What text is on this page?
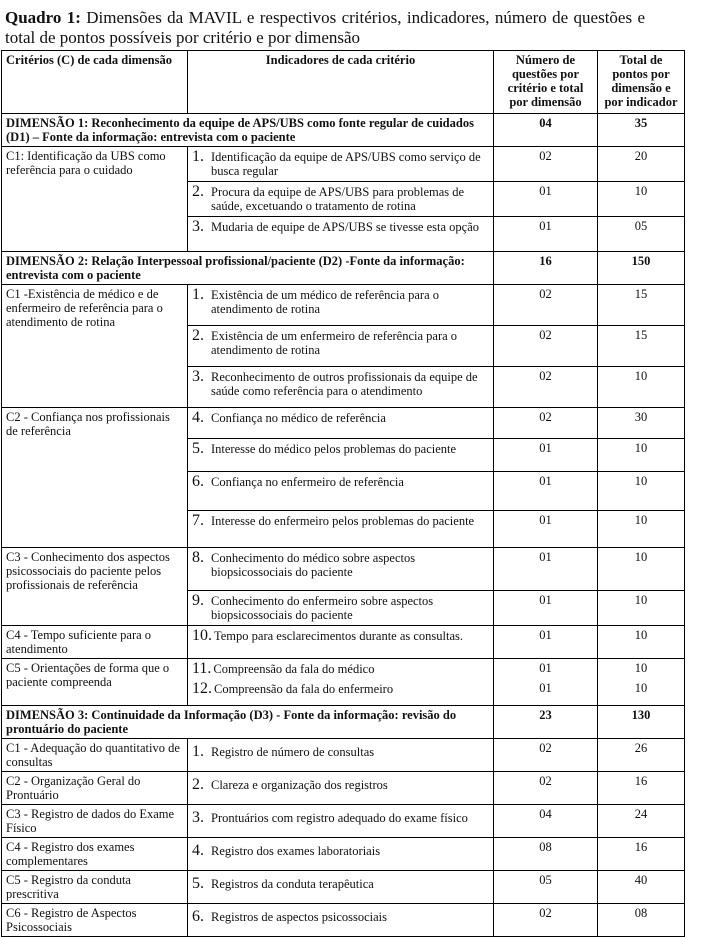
Quadro 1: Dimensões da MAVIL e respectivos critérios, indicadores, número de questões e total de pontos possíveis por critério e por dimensão
Critérios (C) de cada dimensão	Indicadores de cada critério	Número de questões por critério e total por dimensão	Total de pontos por dimensão e por indicador
DIMENSÃO 1: Reconhecimento da equipe de APS/UBS como fonte regular de cuidados (D1) – Fonte da informação: entrevista com o paciente		04	35
C1: Identificação da UBS como referência para o cuidado	1. Identificação da equipe de APS/UBS como serviço de busca regular	02	20

	2. Procura da equipe de APS/UBS para problemas de saúde, excetuando o tratamento de rotina	01	10

	3. Mudaria de equipe de APS/UBS se tivesse esta opção	01	05
DIMENSÃO 2: Relação Interpessoal profissional/paciente (D2) -Fonte da informação: entrevista com o paciente		16	150
C1 -Existência de médico e de enfermeiro de referência para o atendimento de rotina	1. Existência de um médico de referência para o atendimento de rotina	02	15

	2. Existência de um enfermeiro de referência para o atendimento de rotina	02	15

	3. Reconhecimento de outros profissionais da equipe de saúde como referência para o atendimento	02	10
C2 - Confiança nos profissionais de referência	4. Confiança no médico de referência	02	30

	5. Interesse do médico pelos problemas do paciente	01	10

	6. Confiança no enfermeiro de referência	01	10

	7. Interesse do enfermeiro pelos problemas do paciente	01	10
C3 - Conhecimento dos aspectos psicossociais do paciente pelos profissionais de referência	8. Conhecimento do médico sobre aspectos biopsicossociais do paciente	01	10

	9. Conhecimento do enfermeiro sobre aspectos biopsicossociais do paciente	01	10
C4 - Tempo suficiente para o atendimento	10. Tempo para esclarecimentos durante as consultas.	01	10
C5 - Orientações de forma que o paciente compreenda	11. Compreensão da fala do médico	01	10

	12. Compreensão da fala do enfermeiro	01	10
DIMENSÃO 3: Continuidade da Informação (D3) - Fonte da informação: revisão do prontuário do paciente		23	130
C1 - Adequação do quantitativo de consultas	1. Registro de número de consultas	02	26
C2 - Organização Geral do Prontuário	2. Clareza e organização dos registros	02	16
C3 - Registro de dados do Exame Físico	3. Prontuários com registro adequado do exame físico	04	24
C4 - Registro dos exames complementares	4. Registro dos exames laboratoriais	08	16
C5 - Registro da conduta prescritiva	5. Registros da conduta terapêutica	05	40
C6 - Registro de Aspectos Psicossociais	6. Registros de aspectos psicossociais	02	08
